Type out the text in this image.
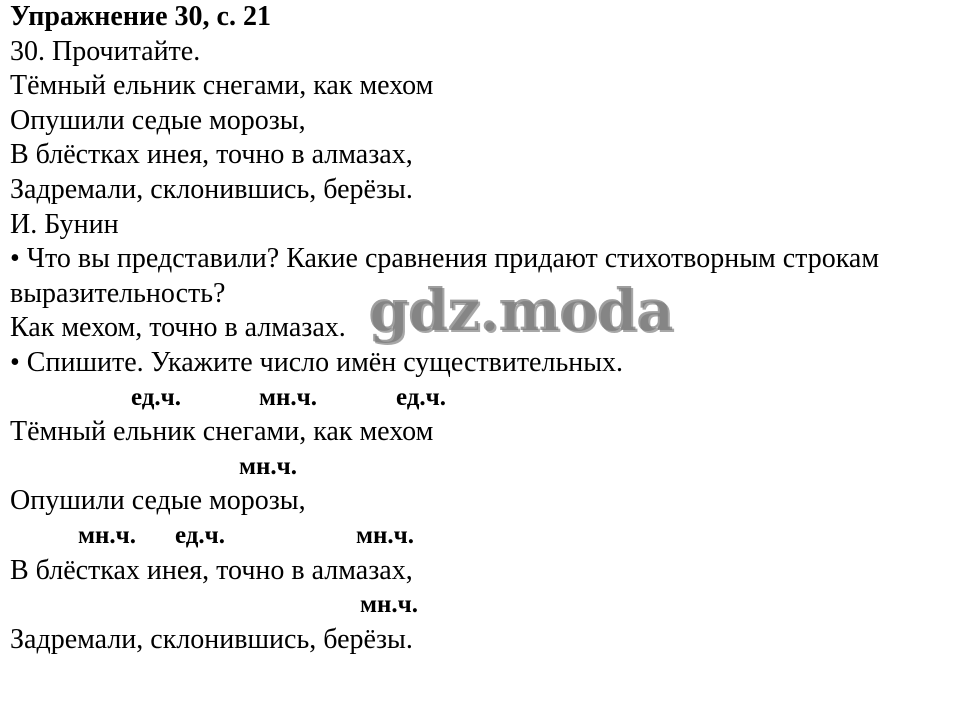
Упражнение 30, с. 21
30. Прочитайте.
Тёмный ельник снегами, как мехом
Опушили седые морозы,
В блёстках инея, точно в алмазах,
Задремали, склонившись, берёзы.
И. Бунин
• Что вы представили? Какие сравнения придают стихотворным строкам
выразительность?
Как мехом, точно в алмазах.
• Спишите. Укажите число имён существительных.
ед.ч.	мн.ч.	ед.ч.
Тёмный ельник снегами, как мехом
мн.ч.
Опушили седые морозы,
мн.ч. ед.ч.	мн.ч.
В блёстках инея, точно в алмазах,
мн.ч.
Задремали, склонившись, берёзы.
gdz.moda
